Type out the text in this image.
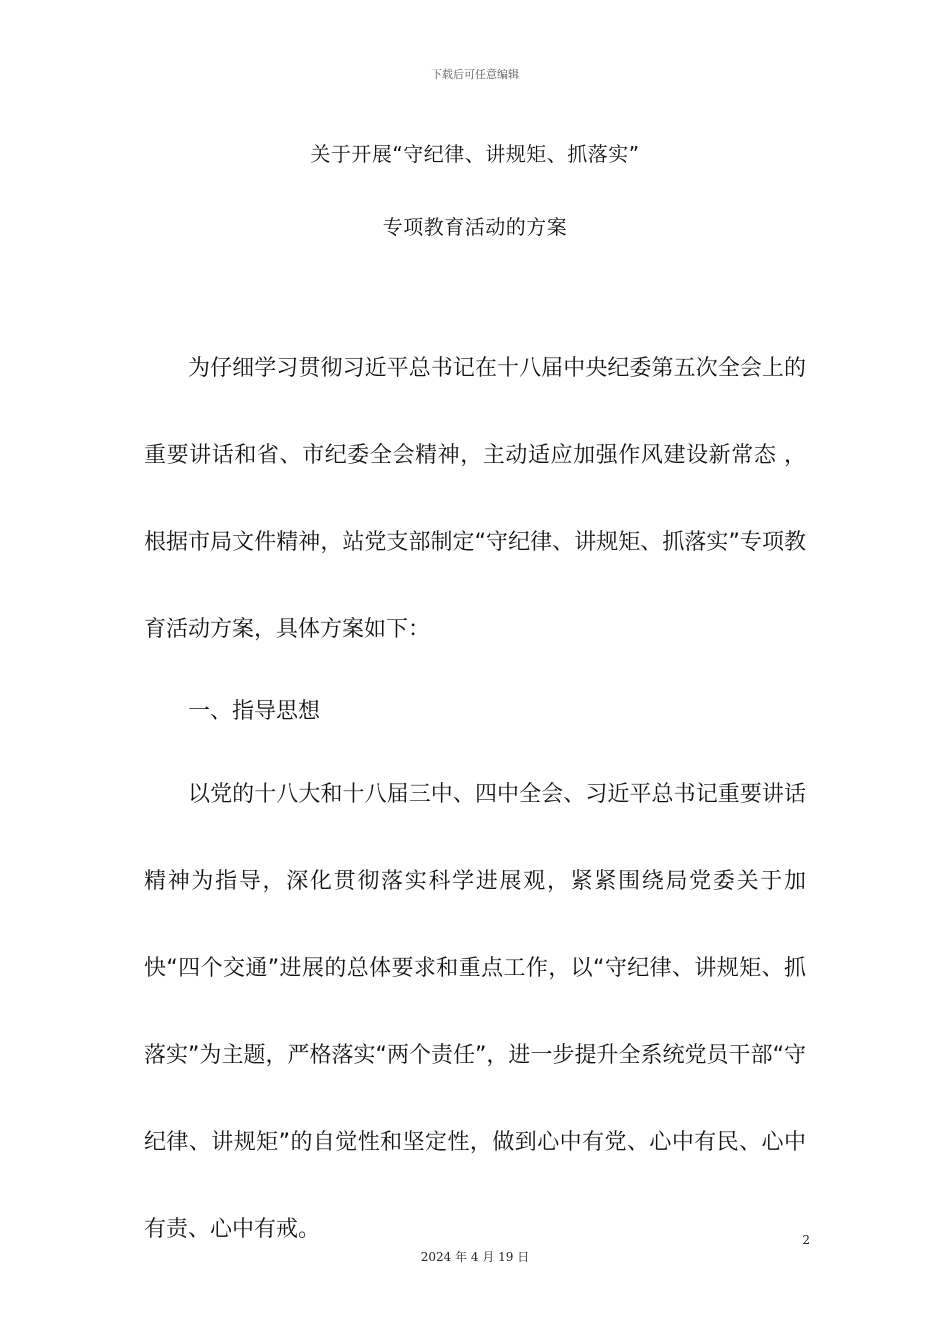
下载后可任意编辑
关于开展“守纪律、讲规矩、抓落实”
专项教育活动的方案

为仔细学习贯彻习近平总书记在十八届中央纪委第五次全会上的重要讲话和省、市纪委全会精神，主动适应加强作风建设新常态 ，根据市局文件精神，站党支部制定“守纪律、讲规矩、抓落实”专项教育活动方案，具体方案如下：

一、指导思想

以党的十八大和十八届三中、四中全会、习近平总书记重要讲话精神为指导，深化贯彻落实科学进展观，紧紧围绕局党委关于加快“四个交通”进展的总体要求和重点工作，以“守纪律、讲规矩、抓落实”为主题，严格落实“两个责任”，进一步提升全系统党员干部“守纪律、讲规矩”的自觉性和坚定性，做到心中有党、心中有民、心中有责、心中有戒。	2
2024 年 4 月 19 日
